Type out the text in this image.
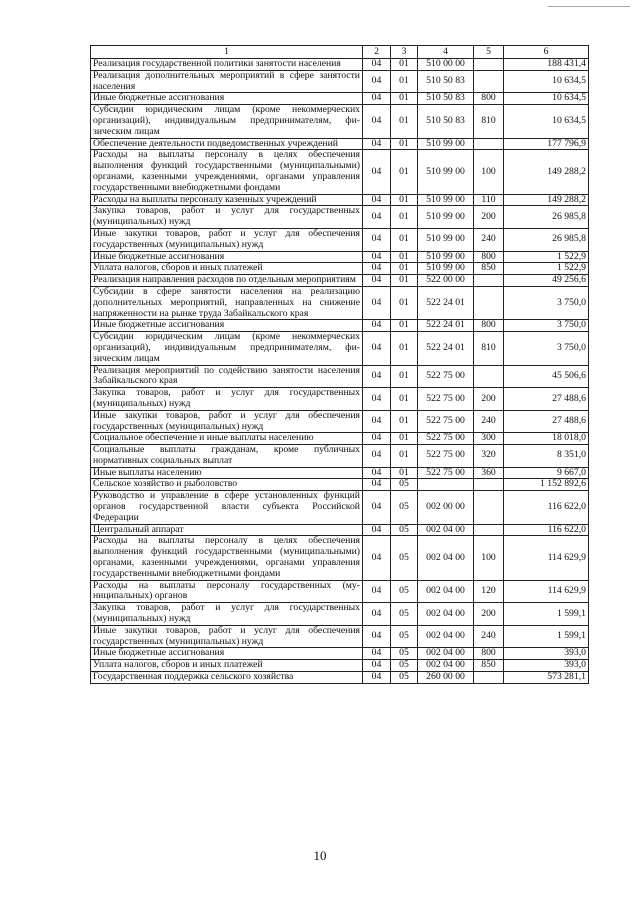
1	2	3	4	5	6
Реализация государственной политики занятости населения	04	01	510 00 00		188 431,4
Реализация дополнительных мероприятий в сфере занятости населения	04	01	510 50 83		10 634,5
Иные бюджетные ассигнования	04	01	510 50 83	800	10 634,5
Субсидии юридическим лицам (кроме некоммерческих организаций), индивидуальным предпринимателям, физическим лицам	04	01	510 50 83	810	10 634,5
Обеспечение деятельности подведомственных учреждений	04	01	510 99 00		177 796,9
Расходы на выплаты персоналу в целях обеспечения выполнения функций государственными (муниципальными) органами, казенными учреждениями, органами управления государственными внебюджетными фондами	04	01	510 99 00	100	149 288,2
Расходы на выплаты персоналу казенных учреждений	04	01	510 99 00	110	149 288,2
Закупка товаров, работ и услуг для государственных (муниципальных) нужд	04	01	510 99 00	200	26 985,8
Иные закупки товаров, работ и услуг для обеспечения государственных (муниципальных) нужд	04	01	510 99 00	240	26 985,8
Иные бюджетные ассигнования	04	01	510 99 00	800	1 522,9
Уплата налогов, сборов и иных платежей	04	01	510 99 00	850	1 522,9
Реализация направления расходов по отдельным мероприятиям	04	01	522 00 00		49 256,6
Субсидии в сфере занятости населения на реализацию дополнительных мероприятий, направленных на снижение напряженности на рынке труда Забайкальского края	04	01	522 24 01		3 750,0
Иные бюджетные ассигнования	04	01	522 24 01	800	3 750,0
Субсидии юридическим лицам (кроме некоммерческих организаций), индивидуальным предпринимателям, физическим лицам	04	01	522 24 01	810	3 750,0
Реализация мероприятий по содействию занятости населения Забайкальского края	04	01	522 75 00		45 506,6
Закупка товаров, работ и услуг для государственных (муниципальных) нужд	04	01	522 75 00	200	27 488,6
Иные закупки товаров, работ и услуг для обеспечения государственных (муниципальных) нужд	04	01	522 75 00	240	27 488,6
Социальное обеспечение и иные выплаты населению	04	01	522 75 00	300	18 018,0
Социальные выплаты гражданам, кроме публичных нормативных социальных выплат	04	01	522 75 00	320	8 351,0
Иные выплаты населению	04	01	522 75 00	360	9 667,0
Сельское хозяйство и рыболовство	04	05			1 152 892,6
Руководство и управление в сфере установленных функций органов государственной власти субъекта Российской Федерации	04	05	002 00 00		116 622,0
Центральный аппарат	04	05	002 04 00		116 622,0
Расходы на выплаты персоналу в целях обеспечения выполнения функций государственными (муниципальными) органами, казенными учреждениями, органами управления государственными внебюджетными фондами	04	05	002 04 00	100	114 629,9
Расходы на выплаты персоналу государственных (муниципальных) органов	04	05	002 04 00	120	114 629,9
Закупка товаров, работ и услуг для государственных (муниципальных) нужд	04	05	002 04 00	200	1 599,1
Иные закупки товаров, работ и услуг для обеспечения государственных (муниципальных) нужд	04	05	002 04 00	240	1 599,1
Иные бюджетные ассигнования	04	05	002 04 00	800	393,0
Уплата налогов, сборов и иных платежей	04	05	002 04 00	850	393,0
Государственная поддержка сельского хозяйства	04	05	260 00 00		573 281,1
10
